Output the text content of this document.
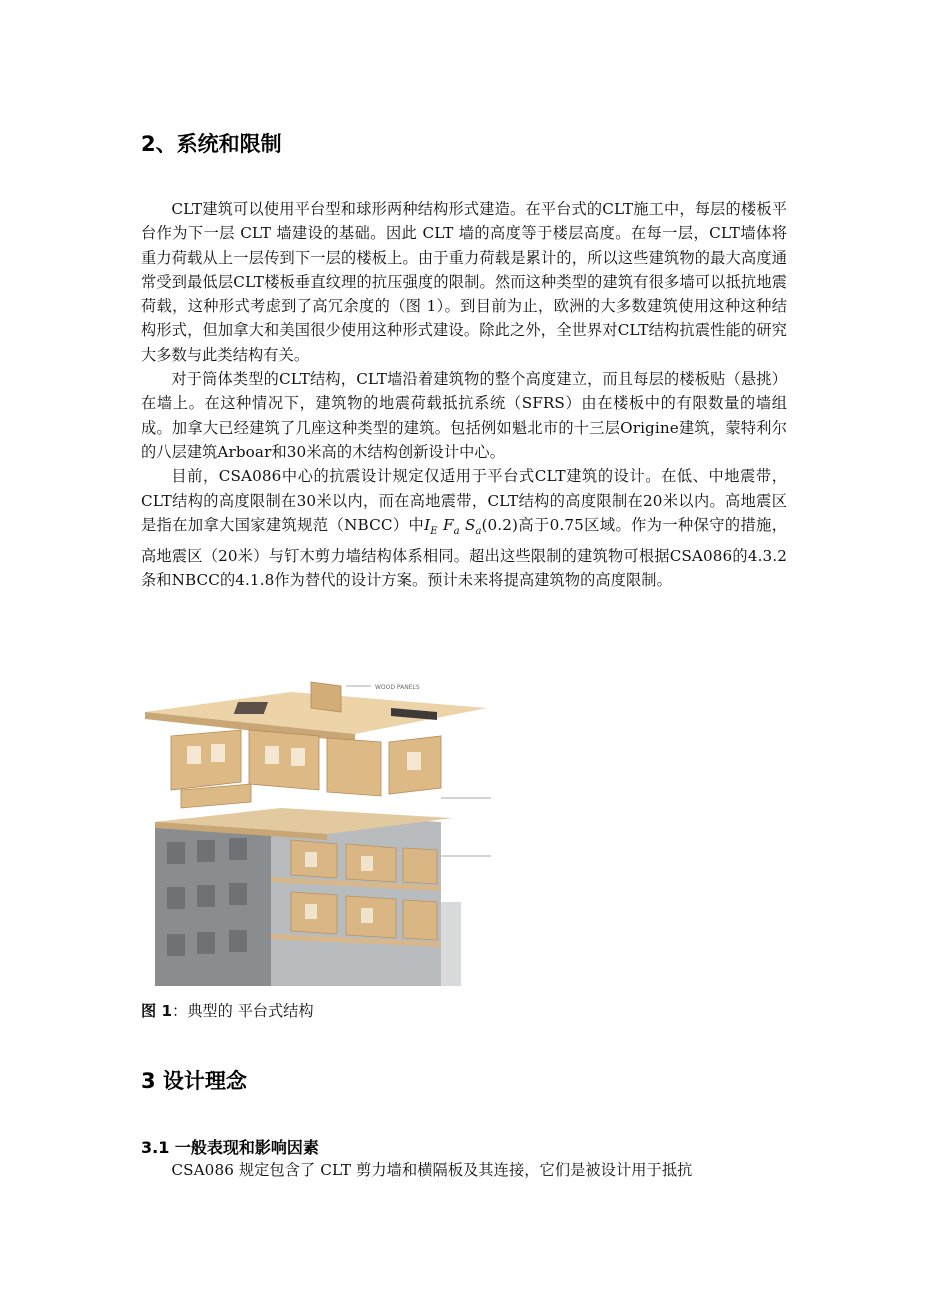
2、系统和限制

CLT建筑可以使用平台型和球形两种结构形式建造。在平台式的CLT施工中，每层的楼板平台作为下一层 CLT 墙建设的基础。因此 CLT 墙的高度等于楼层高度。在每一层，CLT墙体将重力荷载从上一层传到下一层的楼板上。由于重力荷载是累计的，所以这些建筑物的最大高度通常受到最低层CLT楼板垂直纹理的抗压强度的限制。然而这种类型的建筑有很多墙可以抵抗地震荷载，这种形式考虑到了高冗余度的（图 1）。到目前为止，欧洲的大多数建筑使用这种这种结构形式，但加拿大和美国很少使用这种形式建设。除此之外，全世界对CLT结构抗震性能的研究大多数与此类结构有关。

对于筒体类型的CLT结构，CLT墙沿着建筑物的整个高度建立，而且每层的楼板贴（悬挑）在墙上。在这种情况下，建筑物的地震荷载抵抗系统（SFRS）由在楼板中的有限数量的墙组成。加拿大已经建筑了几座这种类型的建筑。包括例如魁北市的十三层Origine建筑，蒙特利尔的八层建筑Arboar和30米高的木结构创新设计中心。

目前，CSA086中心的抗震设计规定仅适用于平台式CLT建筑的设计。在低、中地震带，CLT结构的高度限制在30米以内，而在高地震带，CLT结构的高度限制在20米以内。高地震区是指在加拿大国家建筑规范（NBCC）中$I_E$ $F_a$ $S_a(0.2)$高于0.75区域。作为一种保守的措施，高地震区（20米）与钉木剪力墙结构体系相同。超出这些限制的建筑物可根据CSA086的4.3.2条和NBCC的4.1.8作为替代的设计方案。预计未来将提高建筑物的高度限制。

WOOD PANELS

图 1：典型的 平台式结构

3 设计理念
3.1 一般表现和影响因素

CSA086 规定包含了 CLT 剪力墙和横隔板及其连接，它们是被设计用于抵抗
